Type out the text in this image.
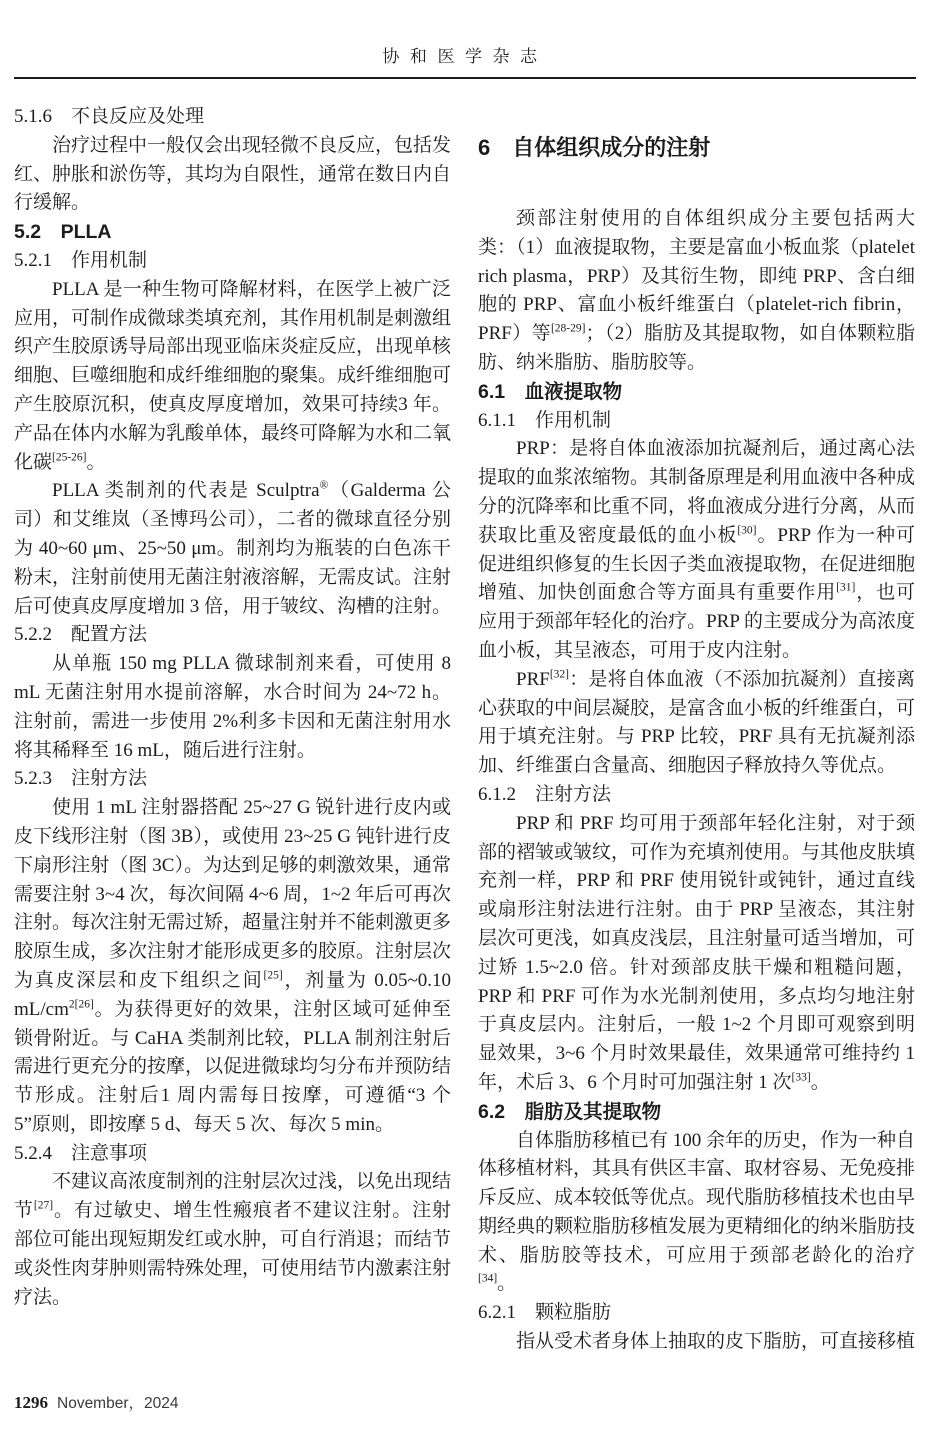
协和医学杂志
5.1.6　不良反应及处理

治疗过程中一般仅会出现轻微不良反应，包括发红、肿胀和淤伤等，其均为自限性，通常在数日内自行缓解。

5.2　PLLA
5.2.1　作用机制

PLLA 是一种生物可降解材料，在医学上被广泛应用，可制作成微球类填充剂，其作用机制是刺激组织产生胶原诱导局部出现亚临床炎症反应，出现单核细胞、巨噬细胞和成纤维细胞的聚集。成纤维细胞可产生胶原沉积，使真皮厚度增加，效果可持续3 年。产品在体内水解为乳酸单体，最终可降解为水和二氧化碳[25-26]。

PLLA 类制剂的代表是 Sculptra®（Galderma 公司）和艾维岚（圣博玛公司），二者的微球直径分别为 40~60 μm、25~50 μm。制剂均为瓶装的白色冻干粉末，注射前使用无菌注射液溶解，无需皮试。注射后可使真皮厚度增加 3 倍，用于皱纹、沟槽的注射。

5.2.2　配置方法

从单瓶 150 mg PLLA 微球制剂来看，可使用 8 mL 无菌注射用水提前溶解，水合时间为 24~72 h。注射前，需进一步使用 2%利多卡因和无菌注射用水将其稀释至 16 mL，随后进行注射。

5.2.3　注射方法

使用 1 mL 注射器搭配 25~27 G 锐针进行皮内或皮下线形注射（图 3B），或使用 23~25 G 钝针进行皮下扇形注射（图 3C）。为达到足够的刺激效果，通常需要注射 3~4 次，每次间隔 4~6 周，1~2 年后可再次注射。每次注射无需过矫，超量注射并不能刺激更多胶原生成，多次注射才能形成更多的胶原。注射层次为真皮深层和皮下组织之间[25]，剂量为 0.05~0.10 mL/cm$^{2[26]}$。为获得更好的效果，注射区域可延伸至锁骨附近。与 CaHA 类制剂比较，PLLA 制剂注射后需进行更充分的按摩，以促进微球均匀分布并预防结节形成。注射后1 周内需每日按摩，可遵循“3 个 5”原则，即按摩 5 d、每天 5 次、每次 5 min。

5.2.4　注意事项

不建议高浓度制剂的注射层次过浅，以免出现结节[27]。有过敏史、增生性瘢痕者不建议注射。注射部位可能出现短期发红或水肿，可自行消退；而结节或炎性肉芽肿则需特殊处理，可使用结节内激素注射疗法。

6　自体组织成分的注射

颈部注射使用的自体组织成分主要包括两大类：（1）血液提取物，主要是富血小板血浆（platelet rich plasma，PRP）及其衍生物，即纯 PRP、含白细胞的 PRP、富血小板纤维蛋白（platelet-rich fibrin，PRF）等[28-29]；（2）脂肪及其提取物，如自体颗粒脂肪、纳米脂肪、脂肪胶等。

6.1　血液提取物
6.1.1　作用机制

PRP：是将自体血液添加抗凝剂后，通过离心法提取的血浆浓缩物。其制备原理是利用血液中各种成分的沉降率和比重不同，将血液成分进行分离，从而获取比重及密度最低的血小板[30]。PRP 作为一种可促进组织修复的生长因子类血液提取物，在促进细胞增殖、加快创面愈合等方面具有重要作用[31]，也可应用于颈部年轻化的治疗。PRP 的主要成分为高浓度血小板，其呈液态，可用于皮内注射。

PRF[32]：是将自体血液（不添加抗凝剂）直接离心获取的中间层凝胶，是富含血小板的纤维蛋白，可用于填充注射。与 PRP 比较，PRF 具有无抗凝剂添加、纤维蛋白含量高、细胞因子释放持久等优点。

6.1.2　注射方法

PRP 和 PRF 均可用于颈部年轻化注射，对于颈部的褶皱或皱纹，可作为充填剂使用。与其他皮肤填充剂一样，PRP 和 PRF 使用锐针或钝针，通过直线或扇形注射法进行注射。由于 PRP 呈液态，其注射层次可更浅，如真皮浅层，且注射量可适当增加，可过矫 1.5~2.0 倍。针对颈部皮肤干燥和粗糙问题，PRP 和 PRF 可作为水光制剂使用，多点均匀地注射于真皮层内。注射后，一般 1~2 个月即可观察到明显效果，3~6 个月时效果最佳，效果通常可维持约 1 年，术后 3、6 个月时可加强注射 1 次[33]。

6.2　脂肪及其提取物

自体脂肪移植已有 100 余年的历史，作为一种自体移植材料，其具有供区丰富、取材容易、无免疫排斥反应、成本较低等优点。现代脂肪移植技术也由早期经典的颗粒脂肪移植发展为更精细化的纳米脂肪技术、脂肪胶等技术，可应用于颈部老龄化的治疗[34]。

6.2.1　颗粒脂肪

指从受术者身体上抽取的皮下脂肪，可直接移植

1296 November，2024
